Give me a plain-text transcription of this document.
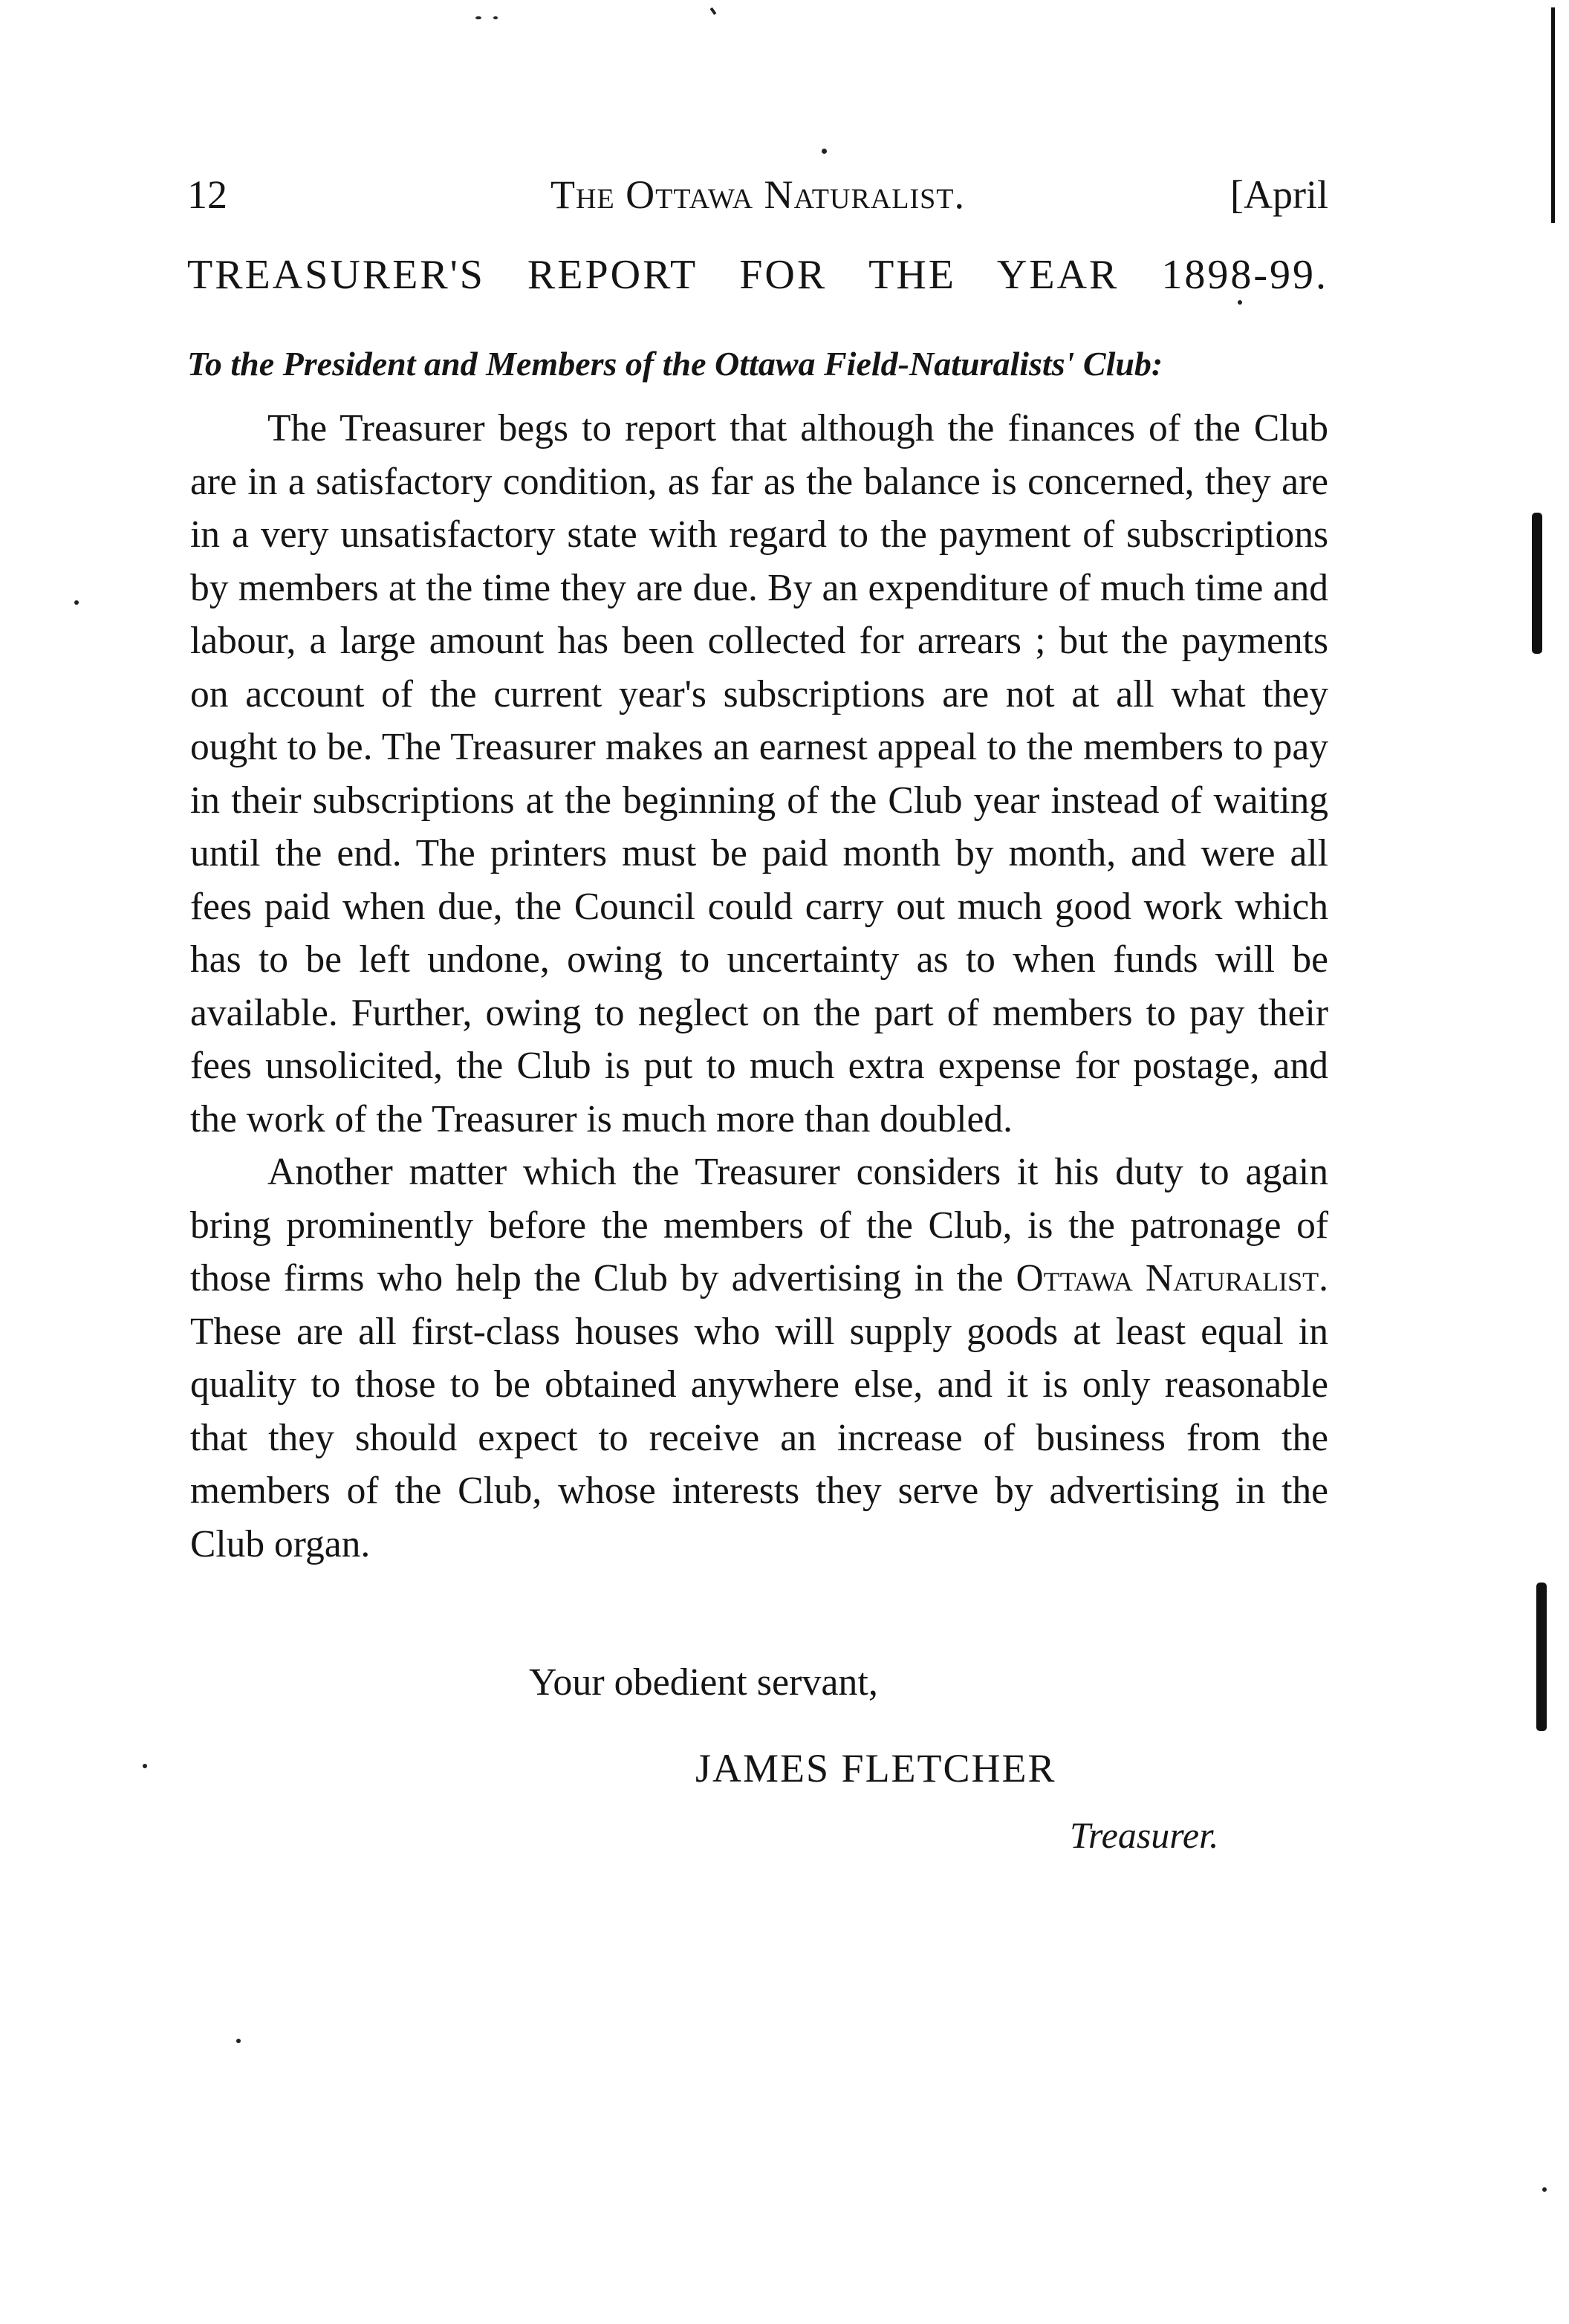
12	The Ottawa Naturalist.	[April
TREASURER'S REPORT FOR THE YEAR 1898-99.
To the President and Members of the Ottawa Field-Naturalists' Club:

The Treasurer begs to report that although the finances of the Club are in a satisfactory condition, as far as the balance is concerned, they are in a very unsatisfactory state with regard to the payment of subscriptions by members at the time they are due. By an expenditure of much time and labour, a large amount has been collected for arrears ; but the payments on account of the current year's subscriptions are not at all what they ought to be. The Treasurer makes an earnest appeal to the members to pay in their subscriptions at the beginning of the Club year instead of waiting until the end. The printers must be paid month by month, and were all fees paid when due, the Council could carry out much good work which has to be left undone, owing to uncertainty as to when funds will be available. Further, owing to neglect on the part of members to pay their fees unsolicited, the Club is put to much extra expense for postage, and the work of the Treasurer is much more than doubled.

Another matter which the Treasurer considers it his duty to again bring prominently before the members of the Club, is the patronage of those firms who help the Club by advertising in the Ottawa Naturalist. These are all first-class houses who will supply goods at least equal in quality to those to be obtained anywhere else, and it is only reasonable that they should expect to receive an increase of business from the members of the Club, whose interests they serve by advertising in the Club organ.

Your obedient servant,
JAMES FLETCHER
Treasurer.
